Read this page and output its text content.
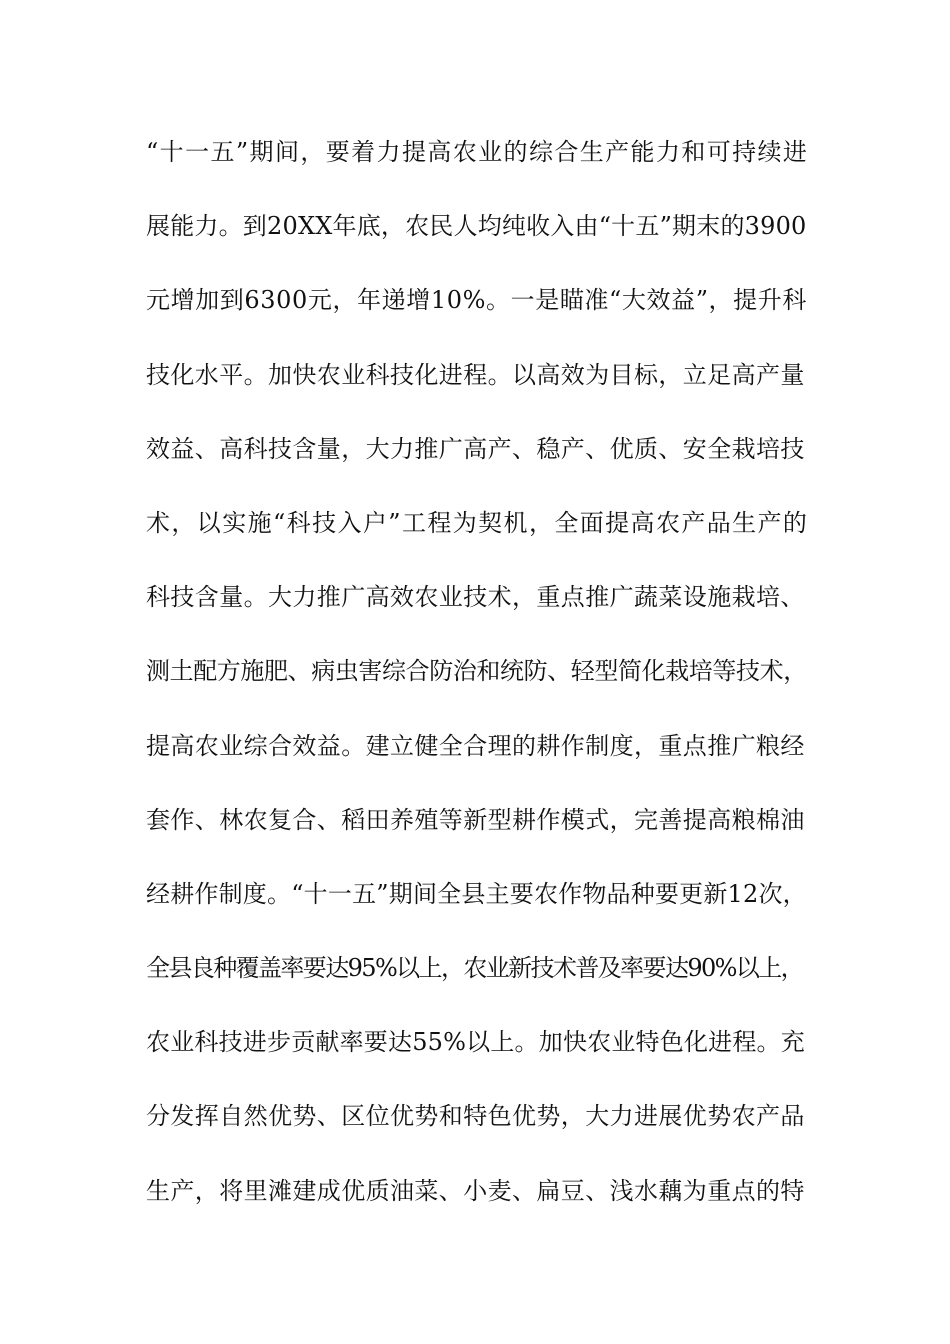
“十一五”期间，要着力提高农业的综合生产能力和可持续进
展能力。到20XX年底，农民人均纯收入由“十五”期末的3900
元增加到6300元，年递增10%。一是瞄准“大效益”，提升科
技化水平。加快农业科技化进程。以高效为目标，立足高产量
效益、高科技含量，大力推广高产、稳产、优质、安全栽培技
术，以实施“科技入户”工程为契机，全面提高农产品生产的
科技含量。大力推广高效农业技术，重点推广蔬菜设施栽培、
测土配方施肥、病虫害综合防治和统防、轻型简化栽培等技术，
提高农业综合效益。建立健全合理的耕作制度，重点推广粮经
套作、林农复合、稻田养殖等新型耕作模式，完善提高粮棉油
经耕作制度。“十一五”期间全县主要农作物品种要更新12次，
全县良种覆盖率要达95%以上，农业新技术普及率要达90%以上，
农业科技进步贡献率要达55%以上。加快农业特色化进程。充
分发挥自然优势、区位优势和特色优势，大力进展优势农产品
生产，将里滩建成优质油菜、小麦、扁豆、浅水藕为重点的特
